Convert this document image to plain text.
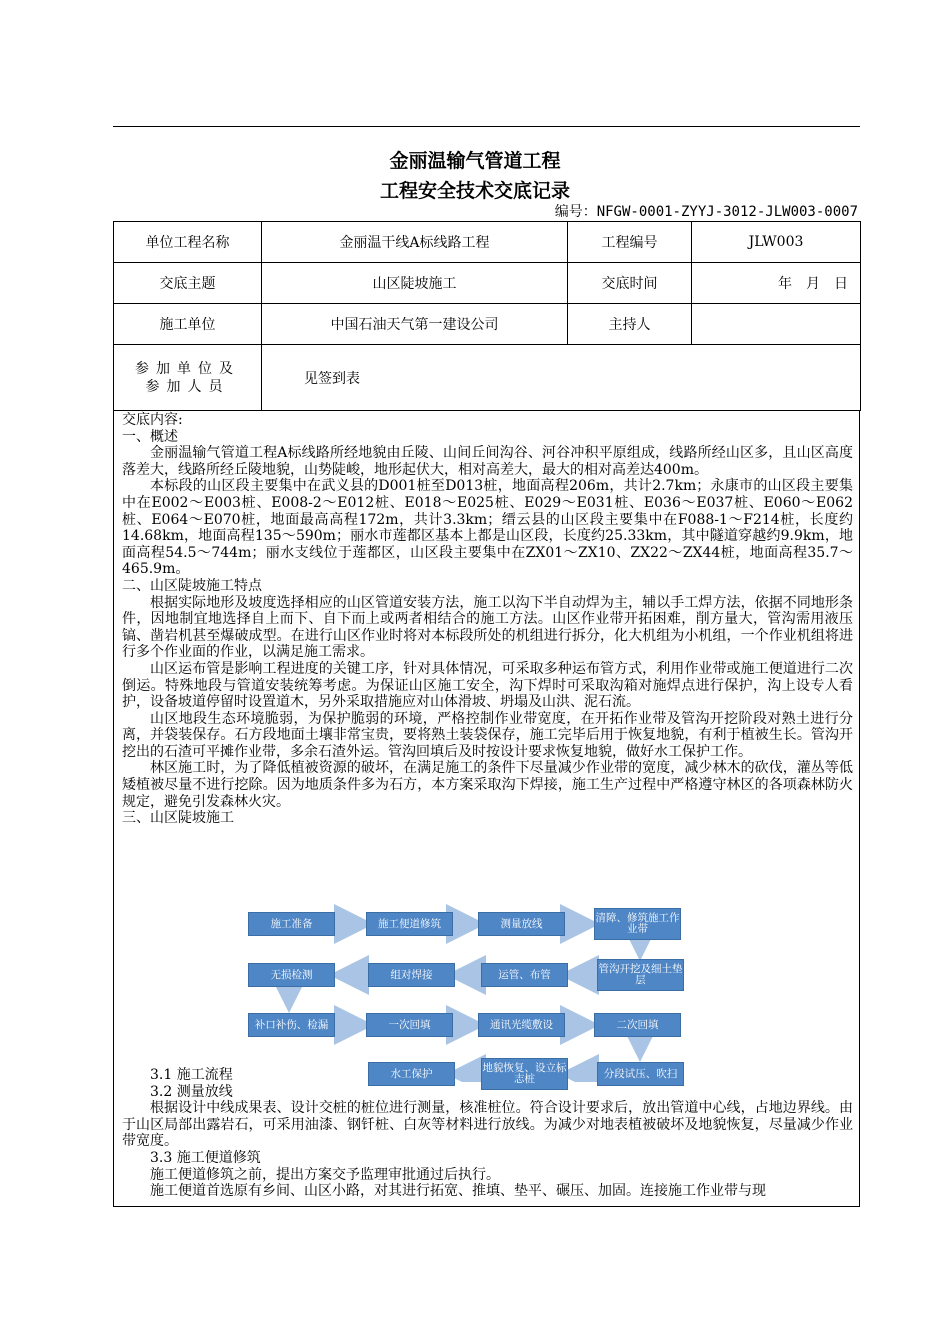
金丽温输气管道工程
工程安全技术交底记录
编号：NFGW-0001-ZYYJ-3012-JLW003-0007
单位工程名称	金丽温干线A标线路工程	工程编号	JLW003
交底主题	山区陡坡施工	交底时间	年　月　日
施工单位	中国石油天气第一建设公司	主持人	

参加单位及
参加人员	见签到表		

交底内容:

一、概述

金丽温输气管道工程A标线路所经地貌由丘陵、山间丘间沟谷、河谷冲积平原组成，线路所经山区多，且山区高度落差大，线路所经丘陵地貌，山势陡峻，地形起伏大，相对高差大，最大的相对高差达400m。

本标段的山区段主要集中在武义县的D001桩至D013桩，地面高程206m，共计2.7km；永康市的山区段主要集中在E002～E003桩、E008-2～E012桩、E018～E025桩、E029～E031桩、E036～E037桩、E060～E062桩、E064～E070桩，地面最高高程172m，共计3.3km；缙云县的山区段主要集中在F088-1～F214桩，长度约14.68km，地面高程135～590m；丽水市莲都区基本上都是山区段，长度约25.33km，其中隧道穿越约9.9km，地面高程54.5～744m；丽水支线位于莲都区，山区段主要集中在ZX01～ZX10、ZX22～ZX44桩，地面高程35.7～465.9m。

二、山区陡坡施工特点

根据实际地形及坡度选择相应的山区管道安装方法，施工以沟下半自动焊为主，辅以手工焊方法，依据不同地形条件，因地制宜地选择自上而下、自下而上或两者相结合的施工方法。山区作业带开拓困难，削方量大，管沟需用液压镐、凿岩机甚至爆破成型。在进行山区作业时将对本标段所处的机组进行拆分，化大机组为小机组，一个作业机组将进行多个作业面的作业，以满足施工需求。

山区运布管是影响工程进度的关键工序，针对具体情况，可采取多种运布管方式，利用作业带或施工便道进行二次倒运。特殊地段与管道安装统筹考虑。为保证山区施工安全，沟下焊时可采取沟箱对施焊点进行保护，沟上设专人看护，设备坡道停留时设置道木，另外采取措施应对山体滑坡、坍塌及山洪、泥石流。

山区地段生态环境脆弱，为保护脆弱的环境，严格控制作业带宽度，在开拓作业带及管沟开挖阶段对熟土进行分离，并袋装保存。石方段地面土壤非常宝贵，要将熟土装袋保存，施工完毕后用于恢复地貌，有利于植被生长。管沟开挖出的石渣可平摊作业带，多余石渣外运。管沟回填后及时按设计要求恢复地貌，做好水工保护工作。

林区施工时，为了降低植被资源的破坏，在满足施工的条件下尽量减少作业带的宽度，减少林木的砍伐，灌丛等低矮植被尽量不进行挖除。因为地质条件多为石方，本方案采取沟下焊接，施工生产过程中严格遵守林区的各项森林防火规定，避免引发森林火灾。

三、山区陡坡施工

施工准备	施工便道修筑	测量放线	清障、修筑施工作业带
管沟开挖及细土垫层
运管、布管
组对焊接
无损检测
补口补伤、检漏	一次回填	通讯光缆敷设	二次回填
分段试压、吹扫
地貌恢复、设立标志桩
水工保护

3.1 施工流程

3.2 测量放线

根据设计中线成果表、设计交桩的桩位进行测量，核准桩位。符合设计要求后，放出管道中心线，占地边界线。由于山区局部出露岩石，可采用油漆、钢钎桩、白灰等材料进行放线。为减少对地表植被破坏及地貌恢复，尽量减少作业带宽度。

3.3 施工便道修筑

施工便道修筑之前，提出方案交予监理审批通过后执行。

施工便道首选原有乡间、山区小路，对其进行拓宽、推填、垫平、碾压、加固。连接施工作业带与现
